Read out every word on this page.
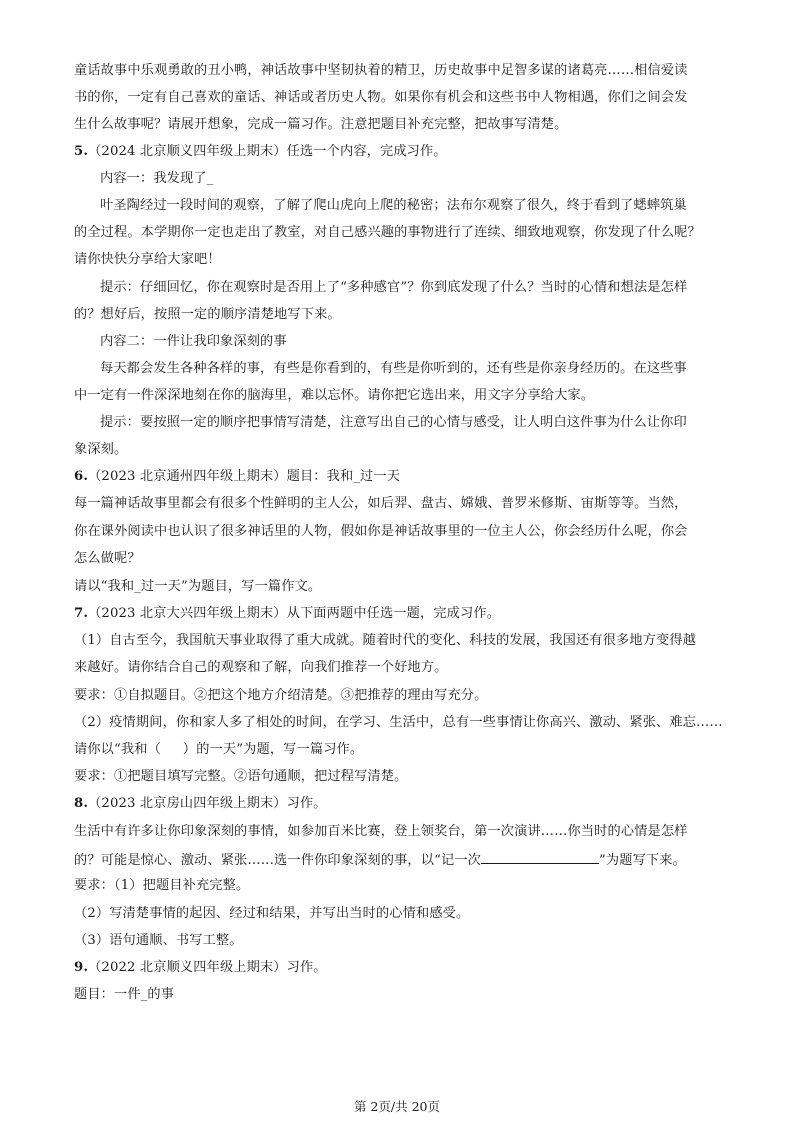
童话故事中乐观勇敢的丑小鸭，神话故事中坚韧执着的精卫，历史故事中足智多谋的诸葛亮……相信爱读
书的你，一定有自己喜欢的童话、神话或者历史人物。如果你有机会和这些书中人物相遇，你们之间会发
生什么故事呢？请展开想象，完成一篇习作。注意把题目补充完整，把故事写清楚。
5.（2024 北京顺义四年级上期末）任选一个内容，完成习作。
内容一：我发现了_
叶圣陶经过一段时间的观察，了解了爬山虎向上爬的秘密；法布尔观察了很久，终于看到了蟋蟀筑巢
的全过程。本学期你一定也走出了教室，对自己感兴趣的事物进行了连续、细致地观察，你发现了什么呢？
请你快快分享给大家吧！
提示：仔细回忆，你在观察时是否用上了“多种感官”？你到底发现了什么？当时的心情和想法是怎样
的？想好后，按照一定的顺序清楚地写下来。
内容二：一件让我印象深刻的事
每天都会发生各种各样的事，有些是你看到的，有些是你听到的，还有些是你亲身经历的。在这些事
中一定有一件深深地刻在你的脑海里，难以忘怀。请你把它选出来，用文字分享给大家。
提示：要按照一定的顺序把事情写清楚，注意写出自己的心情与感受，让人明白这件事为什么让你印
象深刻。
6.（2023 北京通州四年级上期末）题目：我和_过一天
每一篇神话故事里都会有很多个性鲜明的主人公，如后羿、盘古、嫦娥、普罗米修斯、宙斯等等。当然，
你在课外阅读中也认识了很多神话里的人物，假如你是神话故事里的一位主人公，你会经历什么呢，你会
怎么做呢？
请以“我和_过一天”为题目，写一篇作文。
7.（2023 北京大兴四年级上期末）从下面两题中任选一题，完成习作。
（1）自古至今，我国航天事业取得了重大成就。随着时代的变化、科技的发展，我国还有很多地方变得越
来越好。请你结合自己的观察和了解，向我们推荐一个好地方。
要求：①自拟题目。②把这个地方介绍清楚。③把推荐的理由写充分。
（2）疫情期间，你和家人多了相处的时间，在学习、生活中，总有一些事情让你高兴、激动、紧张、难忘……
请你以“我和（ ）的一天”为题，写一篇习作。
要求：①把题目填写完整。②语句通顺，把过程写清楚。
8.（2023 北京房山四年级上期末）习作。
生活中有许多让你印象深刻的事情，如参加百米比赛，登上领奖台，第一次演讲……你当时的心情是怎样
的？可能是惊心、激动、紧张……选一件你印象深刻的事，以“记一次	”为题写下来。
要求：（1）把题目补充完整。
（2）写清楚事情的起因、经过和结果，并写出当时的心情和感受。
（3）语句通顺、书写工整。
9.（2022 北京顺义四年级上期末）习作。
题目：一件_的事
第 2页/共 20页
